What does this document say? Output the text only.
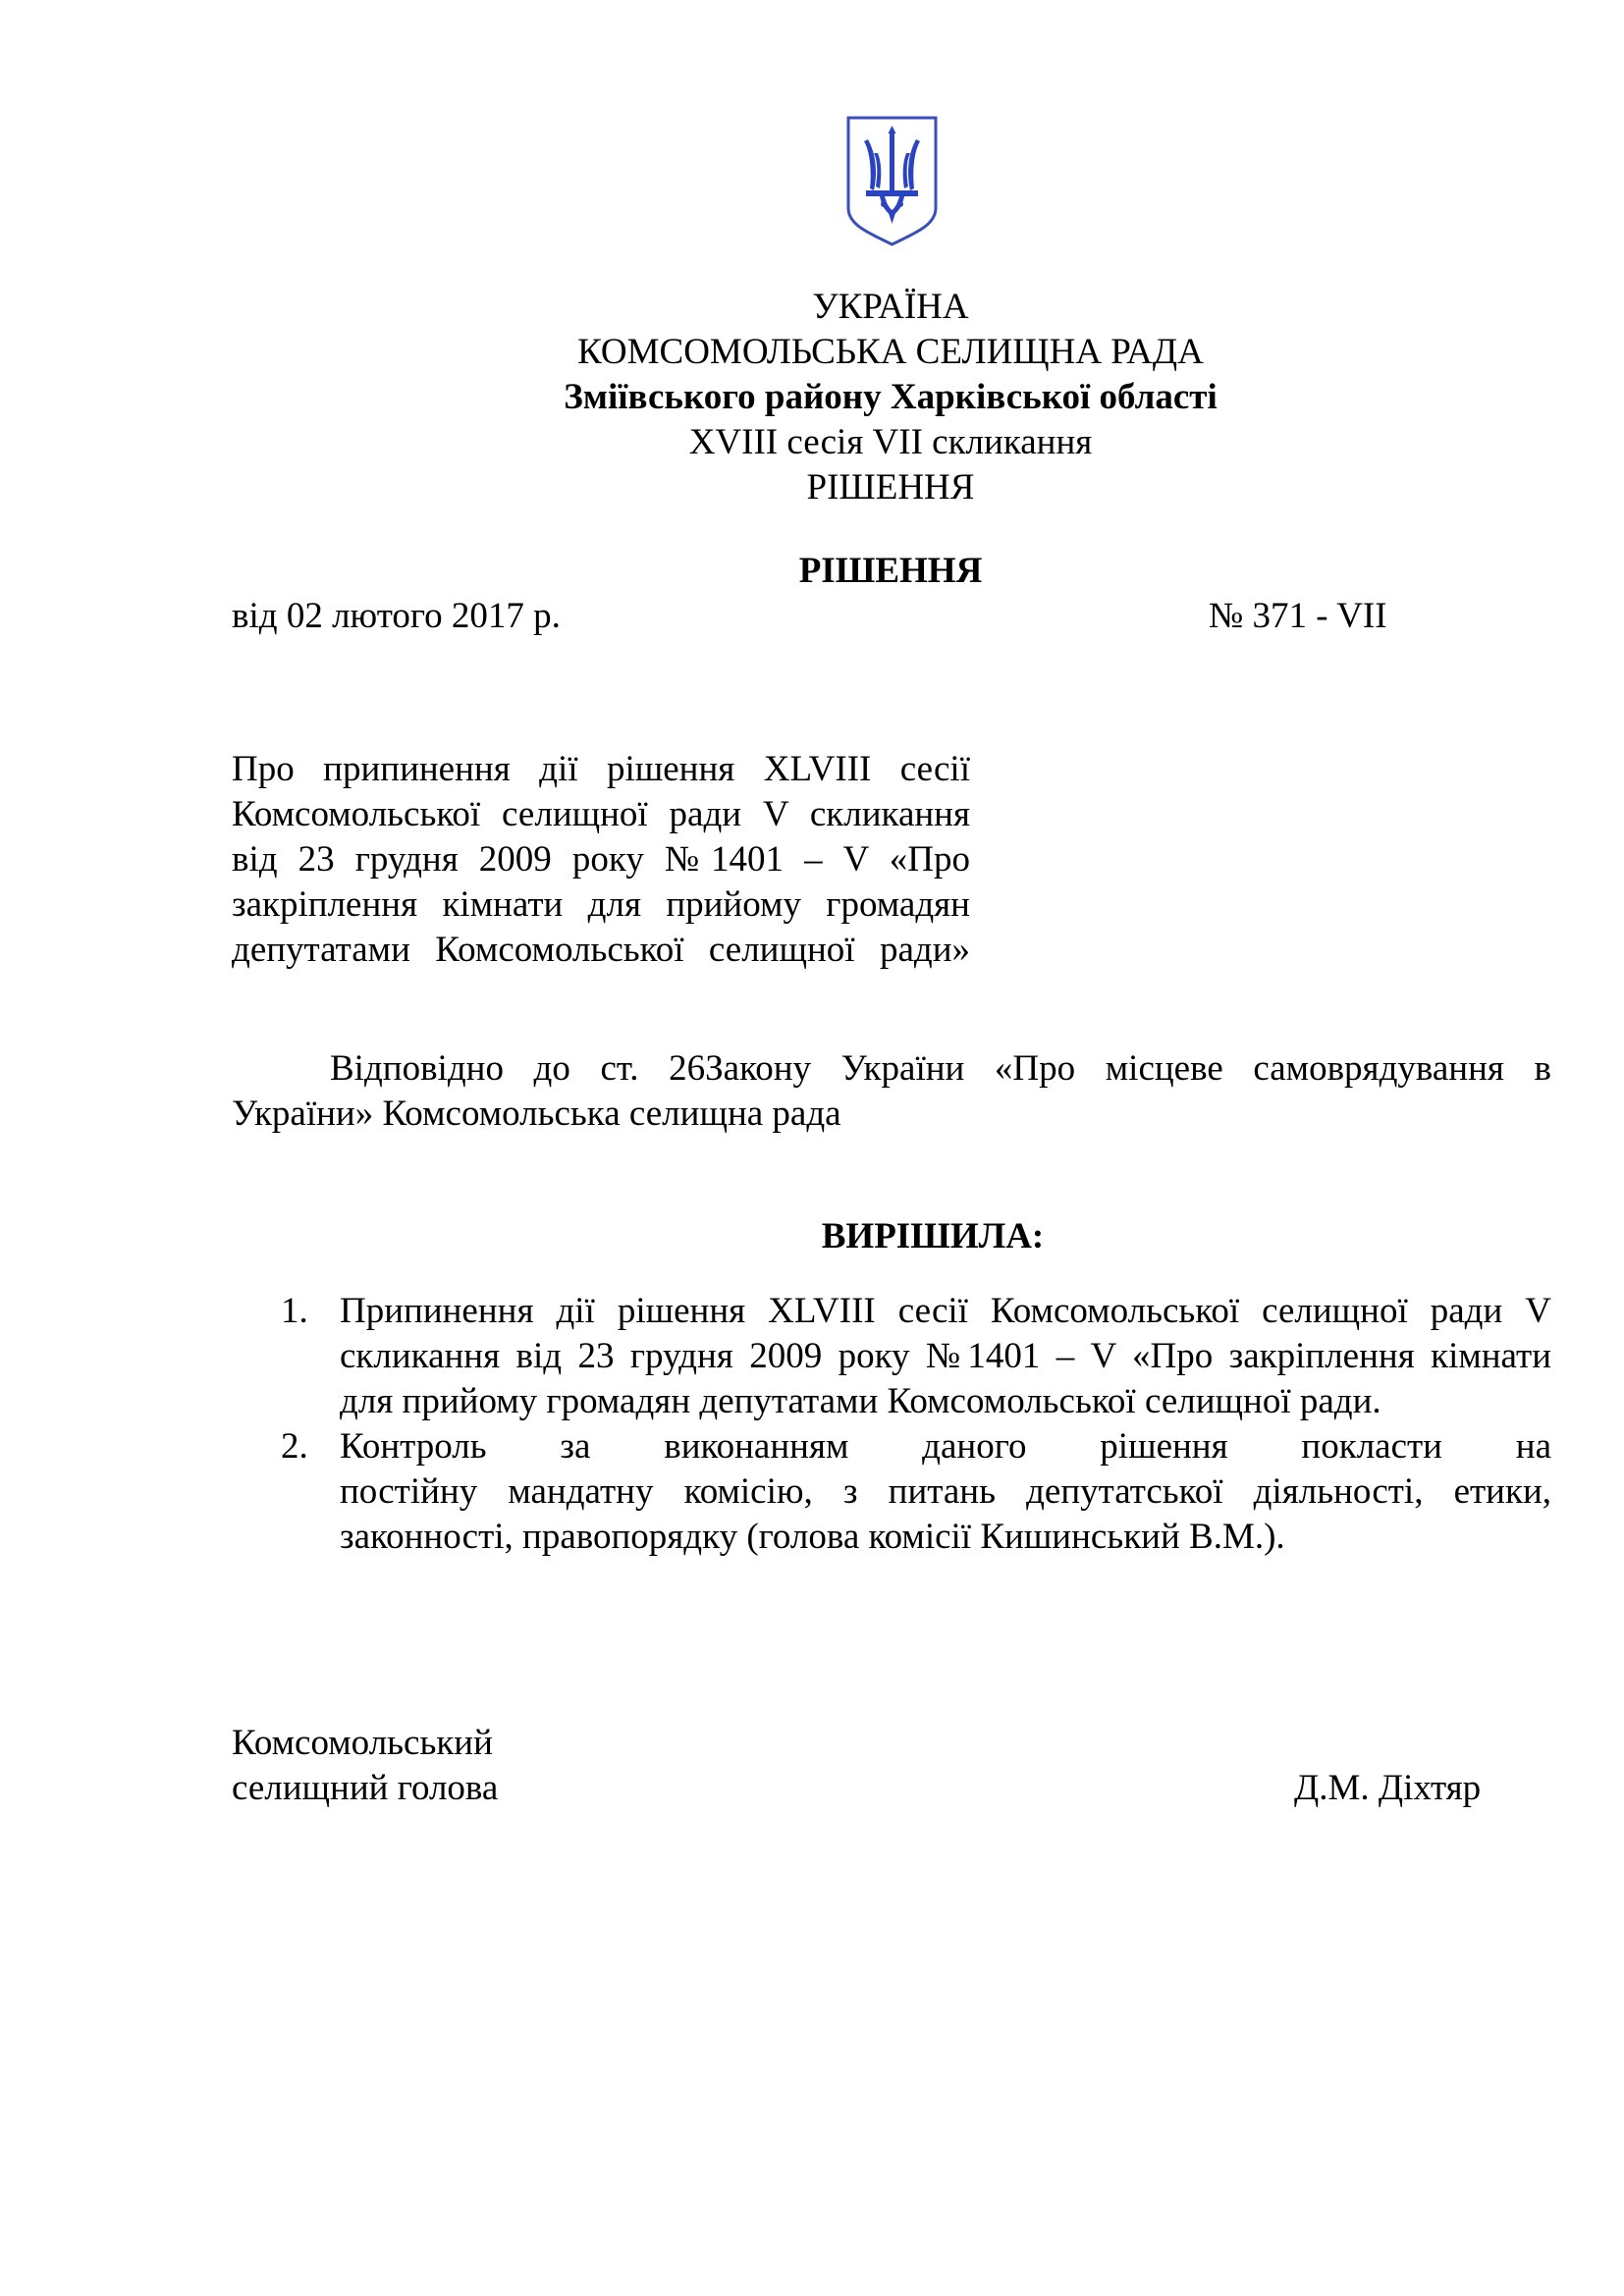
УКРАЇНА
КОМСОМОЛЬСЬКА СЕЛИЩНА РАДА
Зміївського району Харківської області
XVIII сесія VII скликання
РІШЕННЯ
РІШЕННЯ
від 02 лютого 2017 р.	№ 371 - VII
Про припинення дії рішення XLVIII сесії
Комсомольської селищної ради V скликання
від 23 грудня 2009 року №1401 – V «Про
закріплення кімнати для прийому громадян
депутатами Комсомольської селищної ради»
Відповідно до ст. 26Закону України «Про місцеве самоврядування в
України» Комсомольська селищна рада
ВИРІШИЛА:
1. Припинення дії рішення XLVIII сесії Комсомольської селищної ради V
скликання від 23 грудня 2009 року №1401 – V «Про закріплення кімнати
для прийому громадян депутатами Комсомольської селищної ради.
2. Контроль за виконанням даного рішення покласти на
постійну мандатну комісію, з питань депутатської діяльності, етики,
законності, правопорядку (голова комісії Кишинський В.М.).
Комсомольський
селищний голова	Д.М. Діхтяр
